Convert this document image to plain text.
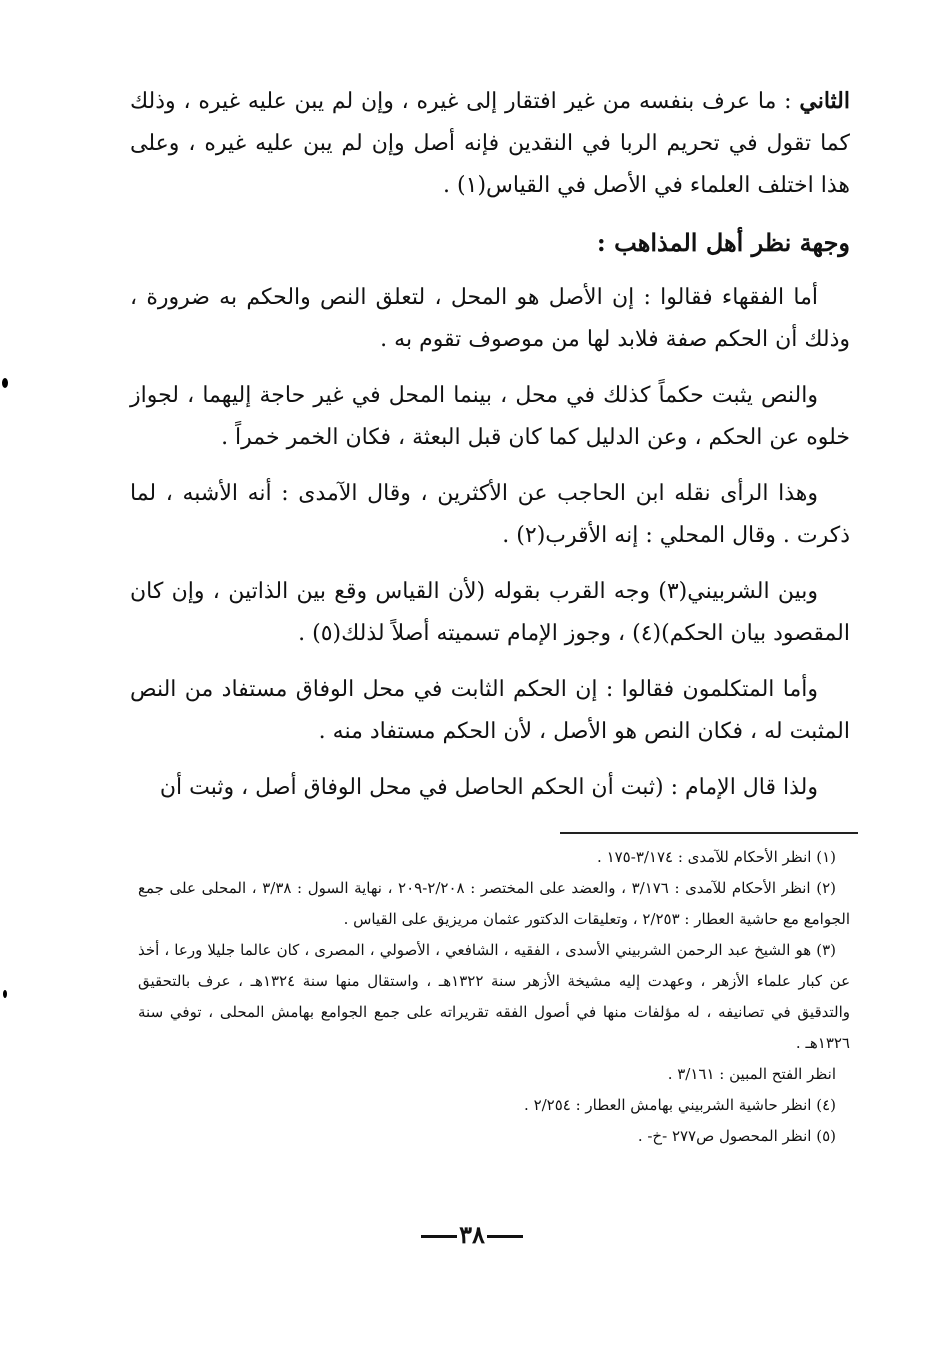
الثاني : ما عرف بنفسه من غير افتقار إلى غيره ، وإن لم يبن عليه غيره ، وذلك كما تقول في تحريم الربا في النقدين فإنه أصل وإن لم يبن عليه غيره ، وعلى هذا اختلف العلماء في الأصل في القياس(١) .

وجهة نظر أهل المذاهب :

أما الفقهاء فقالوا : إن الأصل هو المحل ، لتعلق النص والحكم به ضرورة ، وذلك أن الحكم صفة فلابد لها من موصوف تقوم به .

والنص يثبت حكماً كذلك في محل ، بينما المحل في غير حاجة إليهما ، لجواز خلوه عن الحكم ، وعن الدليل كما كان قبل البعثة ، فكان الخمر خمراً .

وهذا الرأى نقله ابن الحاجب عن الأكثرين ، وقال الآمدى : أنه الأشبه ، لما ذكرت . وقال المحلي : إنه الأقرب(٢) .

وبين الشربيني(٣) وجه القرب بقوله (لأن القياس وقع بين الذاتين ، وإن كان المقصود بيان الحكم)(٤) ، وجوز الإمام تسميته أصلاً لذلك(٥) .

وأما المتكلمون فقالوا : إن الحكم الثابت في محل الوفاق مستفاد من النص المثبت له ، فكان النص هو الأصل ، لأن الحكم مستفاد منه .

ولذا قال الإمام : (ثبت أن الحكم الحاصل في محل الوفاق أصل ، وثبت أن

(١) انظر الأحكام للآمدى : ٣/١٧٤-١٧٥ .

(٢) انظر الأحكام للآمدى : ٣/١٧٦ ، والعضد على المختصر : ٢/٢٠٨-٢٠٩ ، نهاية السول : ٣/٣٨ ، المحلى على جمع الجوامع مع حاشية العطار : ٢/٢٥٣ ، وتعليقات الدكتور عثمان مريزيق على القياس .

(٣) هو الشيخ عبد الرحمن الشربيني الأسدى ، الفقيه ، الشافعي ، الأصولي ، المصرى ، كان عالما جليلا ورعا ، أخذ عن كبار علماء الأزهر ، وعهدت إليه مشيخة الأزهر سنة ١٣٢٢هـ ، واستقال منها سنة ١٣٢٤هـ ، عرف بالتحقيق والتدقيق في تصانيفه ، له مؤلفات منها في أصول الفقه تقريراته على جمع الجوامع بهامش المحلى ، توفي سنة ١٣٢٦هـ .

انظر الفتح المبين : ٣/١٦١ .

(٤) انظر حاشية الشربيني بهامش العطار : ٢/٢٥٤ .

(٥) انظر المحصول ص٢٧٧ -خ- .

٣٨
